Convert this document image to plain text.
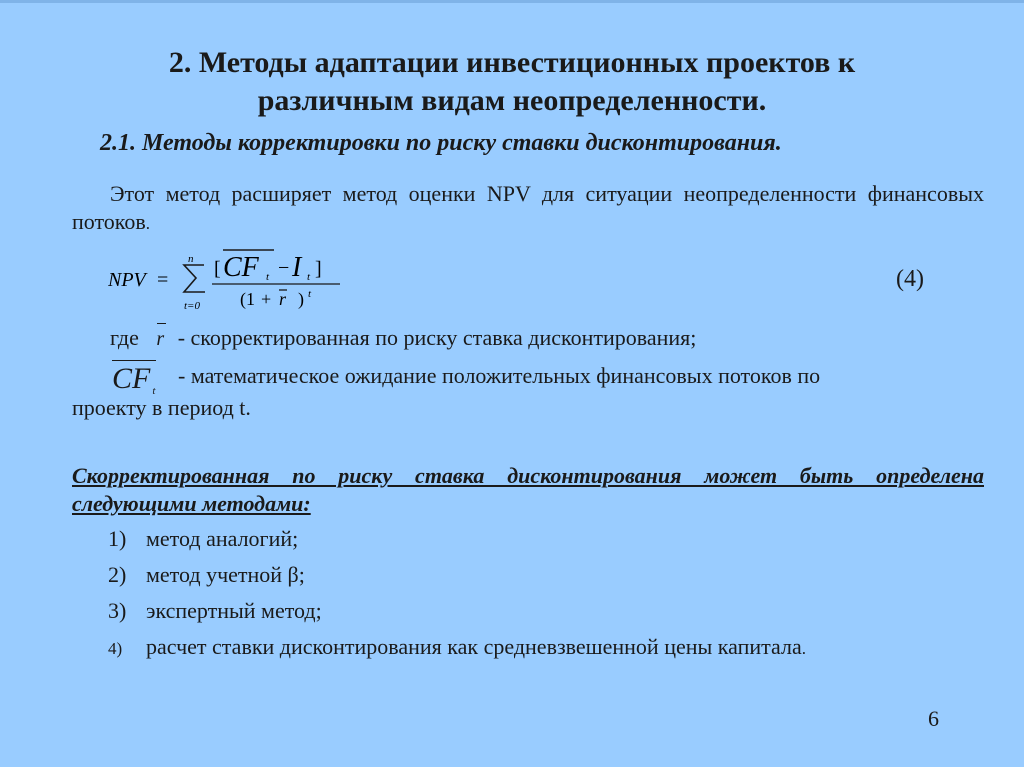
2. Методы адаптации инвестиционных проектов к
различным видам неопределенности.
2.1. Методы корректировки по риску ставки дисконтирования.
Этот метод расширяет метод оценки NPV для ситуации неопределенности финансовых потоков.
NPV =
n
t=0
[ CF t − I t ]
(1 + r ) t
(4)
где r - скорректированная по риску ставка дисконтирования;
CF $_t$
- математическое ожидание положительных финансовых потоков по
проекту в период t.
Скорректированная по риску ставка дисконтирования может быть определена следующими методами:
1) метод аналогий;
2) метод учетной β;
3) экспертный метод;
4) расчет ставки дисконтирования как средневзвешенной цены капитала.
6
